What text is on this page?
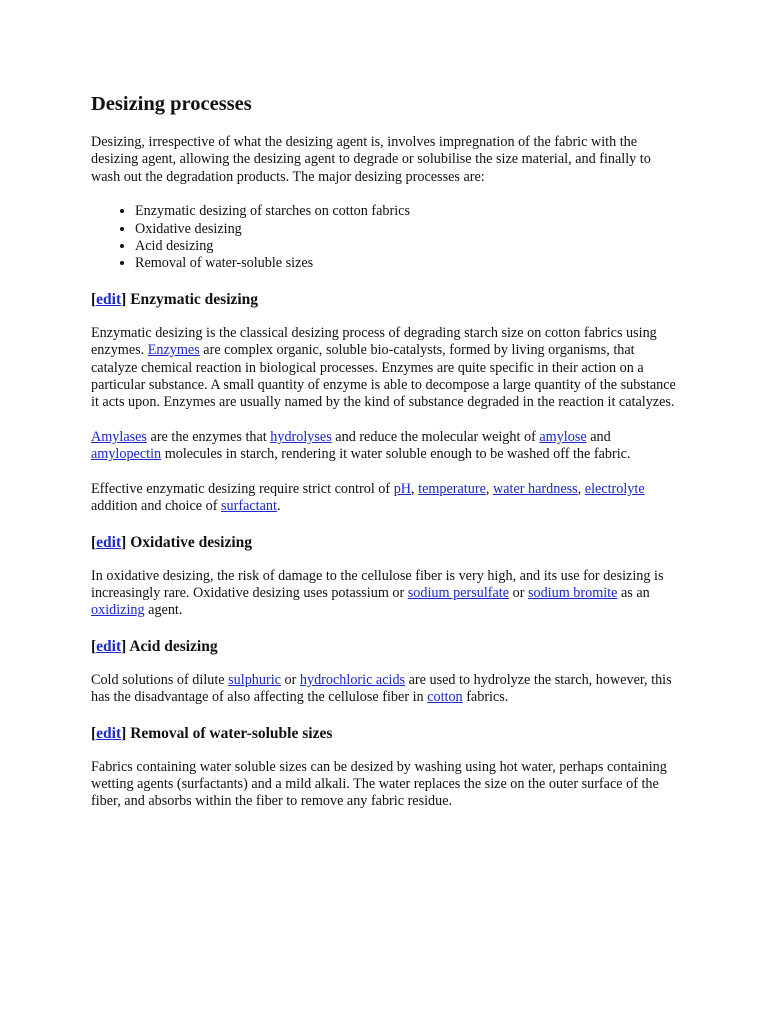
Desizing processes

Desizing, irrespective of what the desizing agent is, involves impregnation of the fabric with the desizing agent, allowing the desizing agent to degrade or solubilise the size material, and finally to wash out the degradation products. The major desizing processes are:

• Enzymatic desizing of starches on cotton fabrics
• Oxidative desizing
• Acid desizing
• Removal of water-soluble sizes
[edit] Enzymatic desizing

Enzymatic desizing is the classical desizing process of degrading starch size on cotton fabrics using enzymes. Enzymes are complex organic, soluble bio-catalysts, formed by living organisms, that catalyze chemical reaction in biological processes. Enzymes are quite specific in their action on a particular substance. A small quantity of enzyme is able to decompose a large quantity of the substance it acts upon. Enzymes are usually named by the kind of substance degraded in the reaction it catalyzes.

Amylases are the enzymes that hydrolyses and reduce the molecular weight of amylose and amylopectin molecules in starch, rendering it water soluble enough to be washed off the fabric.

Effective enzymatic desizing require strict control of pH, temperature, water hardness, electrolyte addition and choice of surfactant.

[edit] Oxidative desizing

In oxidative desizing, the risk of damage to the cellulose fiber is very high, and its use for desizing is increasingly rare. Oxidative desizing uses potassium or sodium persulfate or sodium bromite as an oxidizing agent.

[edit] Acid desizing

Cold solutions of dilute sulphuric or hydrochloric acids are used to hydrolyze the starch, however, this has the disadvantage of also affecting the cellulose fiber in cotton fabrics.

[edit] Removal of water-soluble sizes

Fabrics containing water soluble sizes can be desized by washing using hot water, perhaps containing wetting agents (surfactants) and a mild alkali. The water replaces the size on the outer surface of the fiber, and absorbs within the fiber to remove any fabric residue.
